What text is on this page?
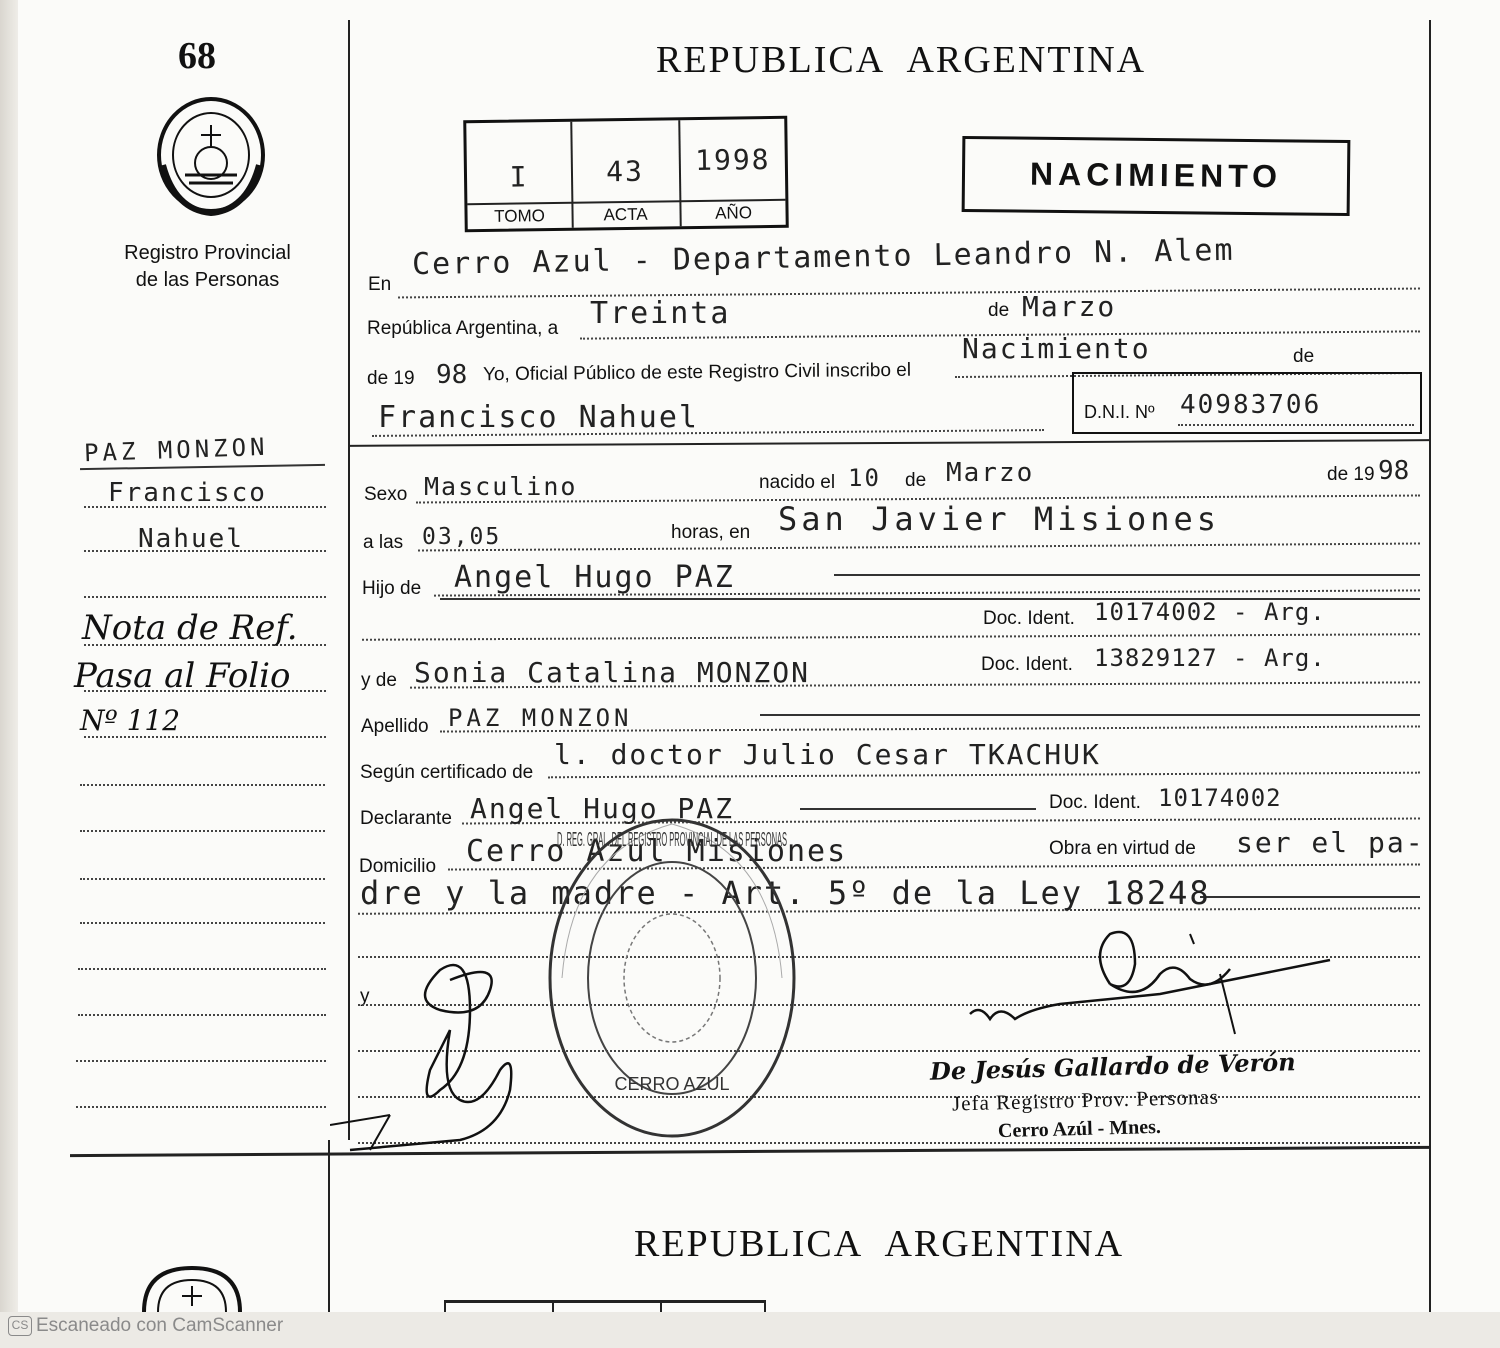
68
Registro Provincial
de las Personas
REPUBLICA ARGENTINA
I	43	1998
TOMO	ACTA	AÑO
NACIMIENTO
En
Cerro Azul - Departamento Leandro N. Alem
República Argentina, a Treinta	de Marzo
de 19 98 Yo, Oficial Público de este Registro Civil inscribo el
Nacimiento	de
Francisco Nahuel	D.N.I. Nº 40983706
PAZ MONZON
Francisco
Nahuel
Nota de Ref.
Pasa al Folio
Nº 112
Sexo Masculino	nacido el 10 de Marzo	de 19 98
a las 03,05	horas, en San Javier Misiones
Hijo de Angel Hugo PAZ
Doc. Ident. 10174002 - Arg.
y de Sonia Catalina MONZON	Doc. Ident. 13829127 - Arg.
Apellido PAZ MONZON
Según certificado de
l. doctor Julio Cesar TKACHUK
Declarante Angel Hugo PAZ	Doc. Ident. 10174002
Domicilio Cerro Azul Misiones	Obra en virtud de ser el pa-
dre y la madre - Art. 5º de la Ley 18248
y
D. REG. GRAL. DEL REGISTRO PROVINCIAL DE LAS PERSONAS
CERRO AZUL	De Jesús Gallardo de Verón
Jefa Registro Prov. Personas
Cerro Azúl - Mnes.
REPUBLICA ARGENTINA
CS Escaneado con CamScanner
